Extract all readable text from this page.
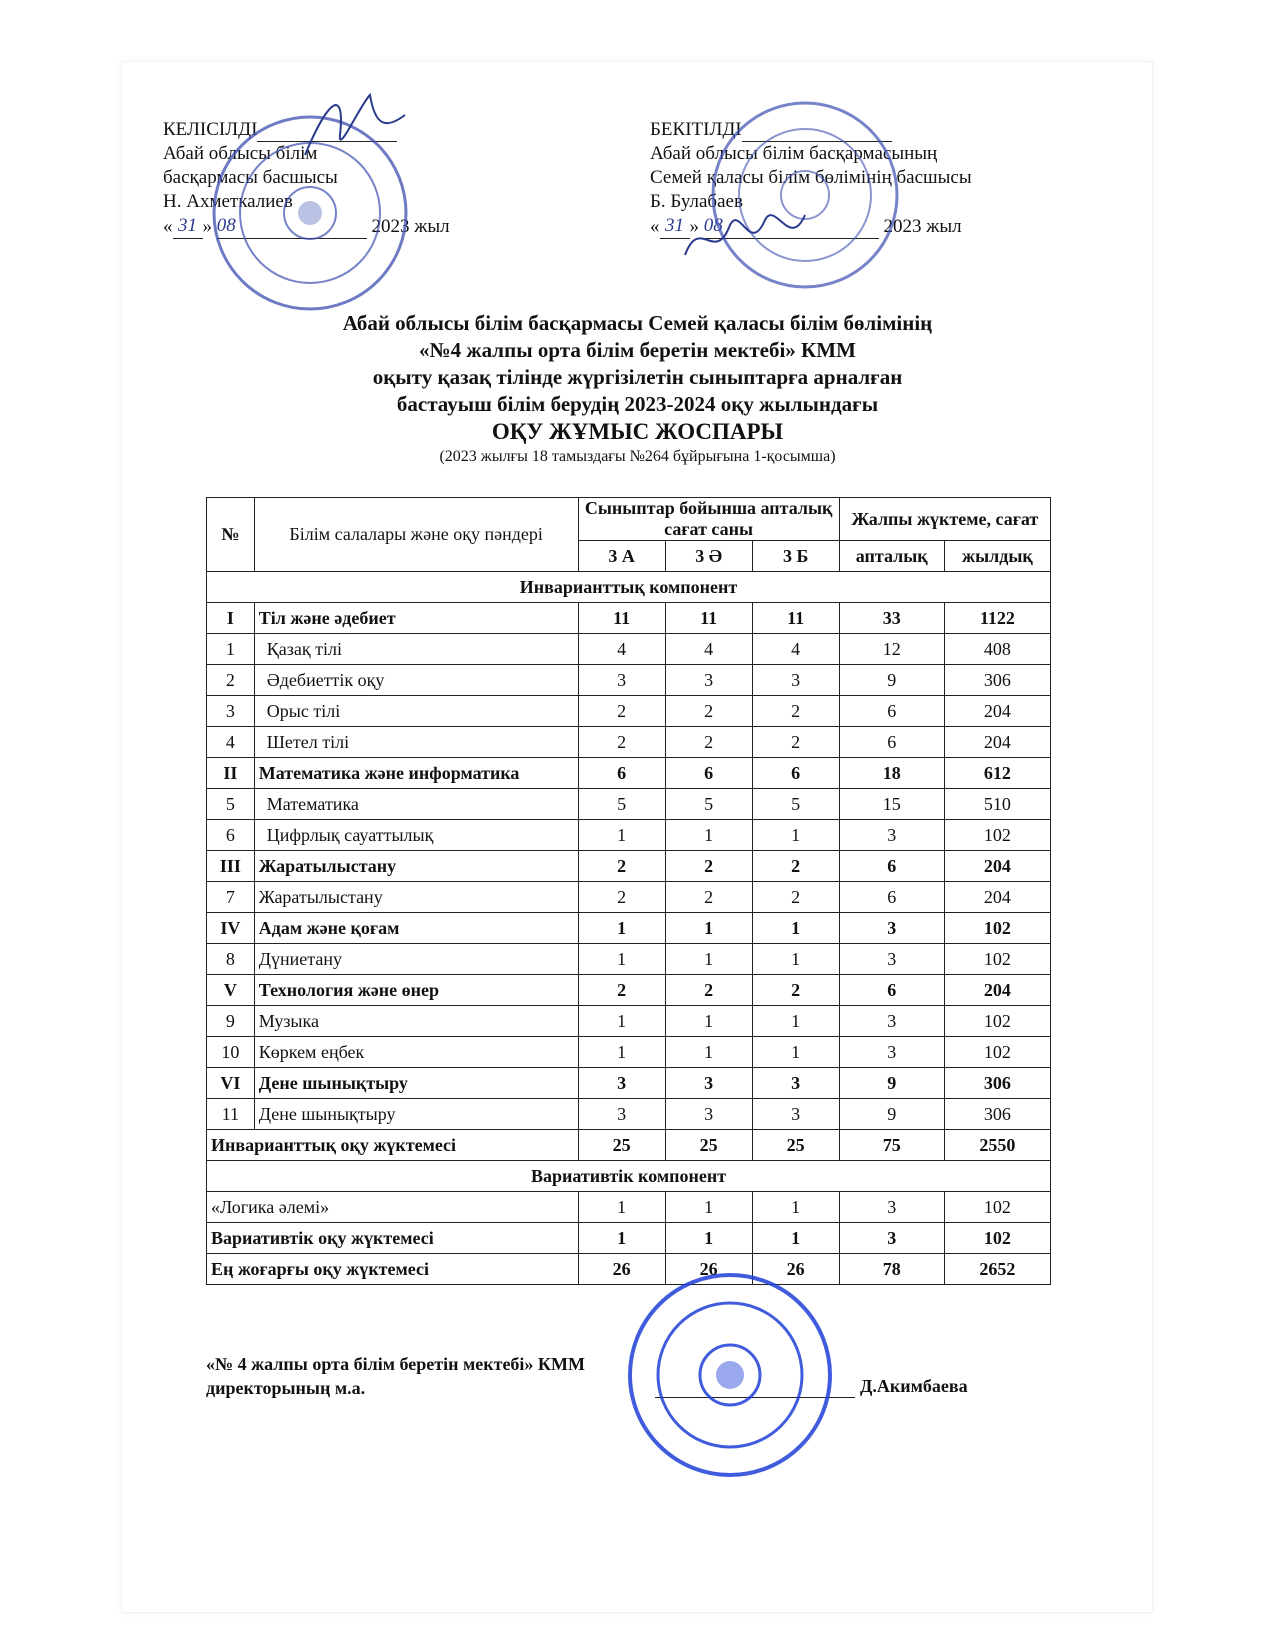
КЕЛІСІЛДІ
Абай облысы білім
басқармасы басшысы
Н. Ахметкалиев
« 31 » 08	2023 жыл
БЕКІТІЛДІ
Абай облысы білім басқармасының
Семей қаласы білім бөлімінің басшысы
Б. Булабаев
« 31 » 08	2023 жыл
Абай облысы білім басқармасы Семей қаласы білім бөлімінің
«№4 жалпы орта білім беретін мектебі» КММ
оқыту қазақ тілінде жүргізілетін сыныптарға арналған
бастауыш білім берудің 2023-2024 оқу жылындағы
ОҚУ ЖҰМЫС ЖОСПАРЫ
(2023 жылғы 18 тамыздағы №264 бұйрығына 1-қосымша)
№	Білім салалары және оқу пәндері	Сыныптар бойынша апталық сағат саны			Жалпы жүктеме, сағат	
		3 А	3 Ә	3 Б	апталық	жылдық
Инварианттық компонент						
I	Тіл және әдебиет	11	11	11	33	1122
1	Қазақ тілі	4	4	4	12	408
2	Әдебиеттік оқу	3	3	3	9	306
3	Орыс тілі	2	2	2	6	204
4	Шетел тілі	2	2	2	6	204
II	Математика және информатика	6	6	6	18	612
5	Математика	5	5	5	15	510
6	Цифрлық сауаттылық	1	1	1	3	102
III	Жаратылыстану	2	2	2	6	204
7	Жаратылыстану	2	2	2	6	204
IV	Адам және қоғам	1	1	1	3	102
8	Дүниетану	1	1	1	3	102
V	Технология және өнер	2	2	2	6	204
9	Музыка	1	1	1	3	102
10	Көркем еңбек	1	1	1	3	102
VI	Дене шынықтыру	3	3	3	9	306
11	Дене шынықтыру	3	3	3	9	306
Инварианттық оқу жүктемесі		25	25	25	75	2550
Вариативтік компонент						
«Логика әлемі»		1	1	1	3	102
Вариативтік оқу жүктемесі		1	1	1	3	102
Ең жоғарғы оқу жүктемесі		26	26	26	78	2652
«№ 4 жалпы орта білім беретін мектебі» КММ
директорының м.а.	Д.Акимбаева
